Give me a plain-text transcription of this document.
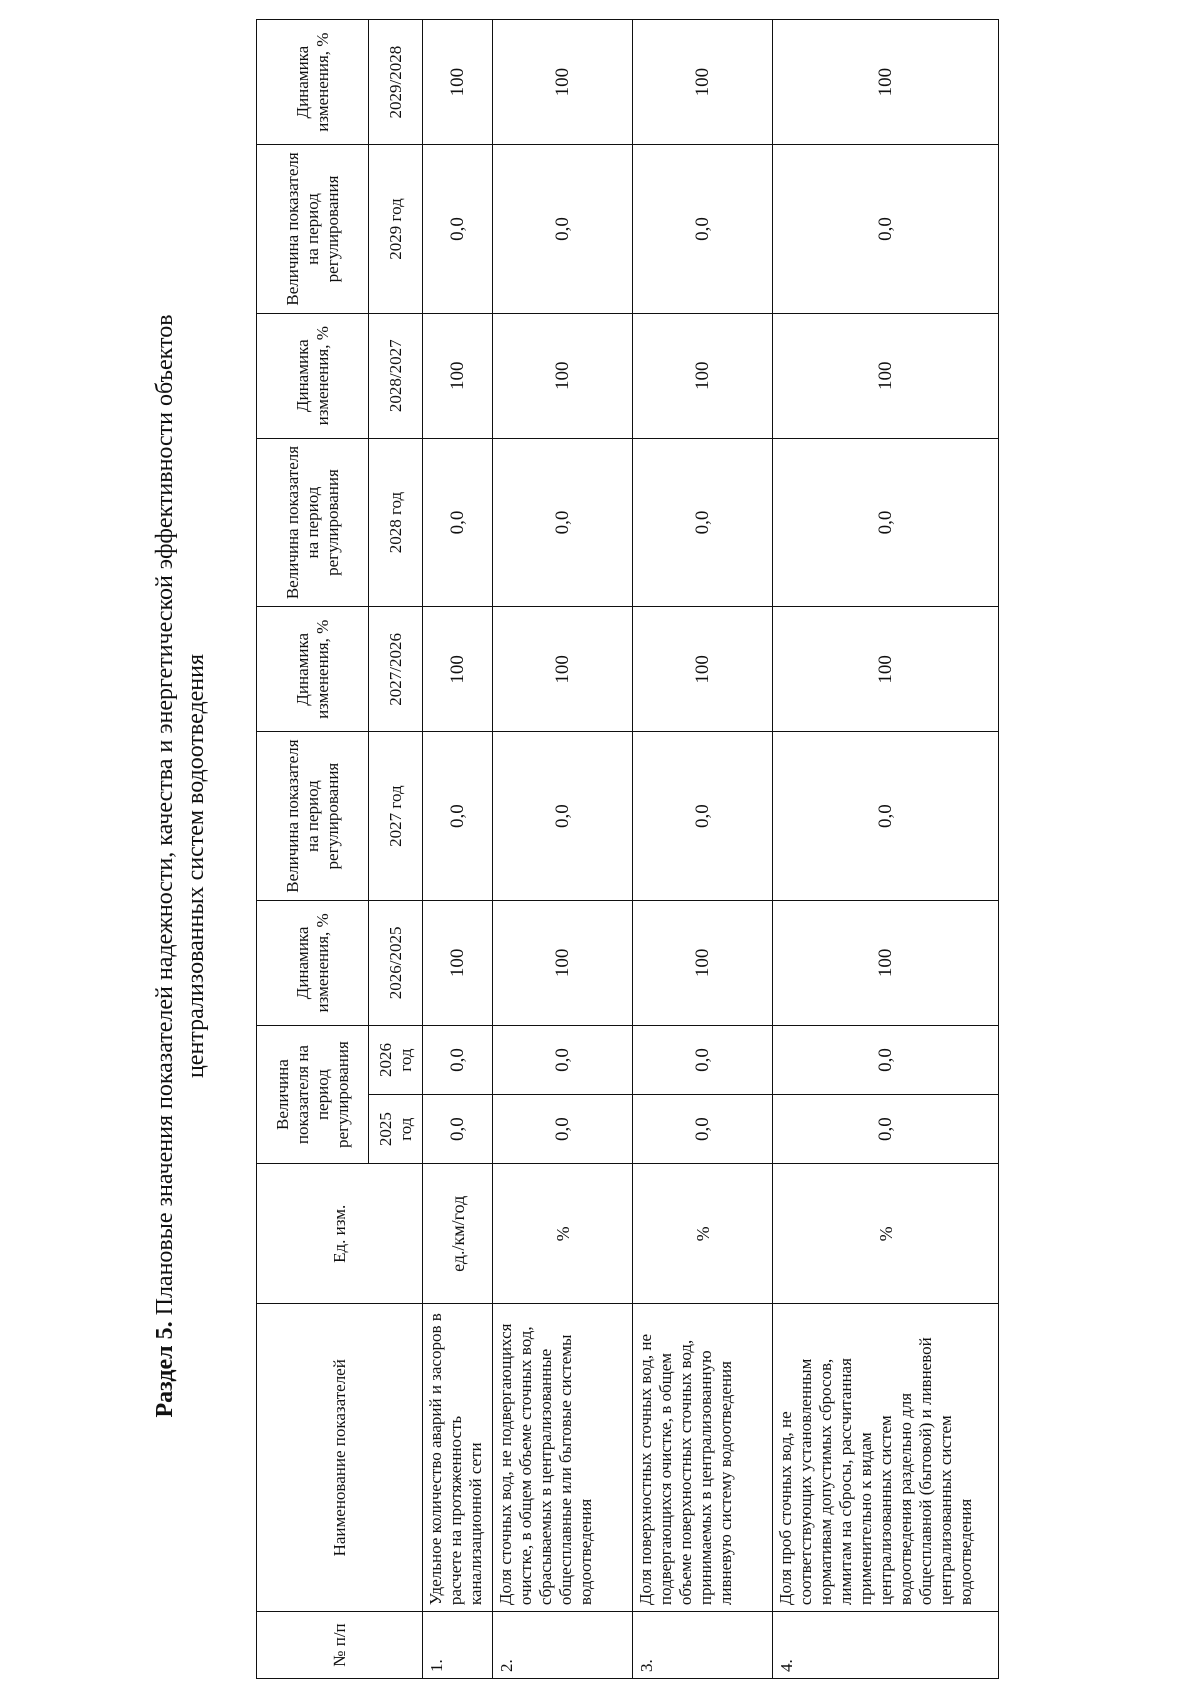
Раздел 5. Плановые значения показателей надежности, качества и энергетической эффективности объектов централизованных систем водоотведения
№ п/п	Наименование показателей	Ед. изм.	Величина показателя на период регулирования		Динамика изменения, %	Величина показателя на период регулирования	Динамика изменения, %	Величина показателя на период регулирования	Динамика изменения, %	Величина показателя на период регулирования	Динамика изменения, %
			2025 год	2026 год	2026/2025	2027 год	2027/2026	2028 год	2028/2027	2029 год	2029/2028
1.	Удельное количество аварий и засоров в расчете на протяженность канализационной сети	ед./км/год	0,0	0,0	100	0,0	100	0,0	100	0,0	100
2.	Доля сточных вод, не подвергающихся очистке, в общем объеме сточных вод, сбрасываемых в централизованные общесплавные или бытовые системы водоотведения	%	0,0	0,0	100	0,0	100	0,0	100	0,0	100
3.	Доля поверхностных сточных вод, не подвергающихся очистке, в общем объеме поверхностных сточных вод, принимаемых в централизованную ливневую систему водоотведения	%	0,0	0,0	100	0,0	100	0,0	100	0,0	100
4.	Доля проб сточных вод, не соответствующих установленным нормативам допустимых сбросов, лимитам на сбросы, рассчитанная применительно к видам централизованных систем водоотведения раздельно для общесплавной (бытовой) и ливневой централизованных систем водоотведения	%	0,0	0,0	100	0,0	100	0,0	100	0,0	100
